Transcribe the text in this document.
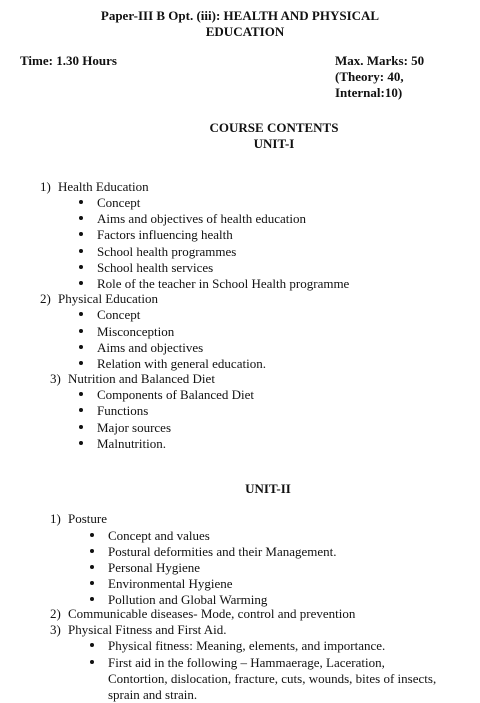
Paper-III B Opt. (iii): HEALTH AND PHYSICAL
EDUCATION
Time: 1.30 Hours	Max. Marks: 50
(Theory: 40,
Internal:10)
COURSE CONTENTS
UNIT-I
1) Health Education
Concept
Aims and objectives of health education
Factors influencing health
School health programmes
School health services
Role of the teacher in School Health programme
2) Physical Education
Concept
Misconception
Aims and objectives
Relation with general education.
3) Nutrition and Balanced Diet
Components of Balanced Diet
Functions
Major sources
Malnutrition.
UNIT-II
1) Posture
Concept and values
Postural deformities and their Management.
Personal Hygiene
Environmental Hygiene
Pollution and Global Warming
2) Communicable diseases- Mode, control and prevention
3) Physical Fitness and First Aid.
Physical fitness: Meaning, elements, and importance.
First aid in the following – Hammaerage, Laceration,
Contortion, dislocation, fracture, cuts, wounds, bites of insects,
sprain and strain.
